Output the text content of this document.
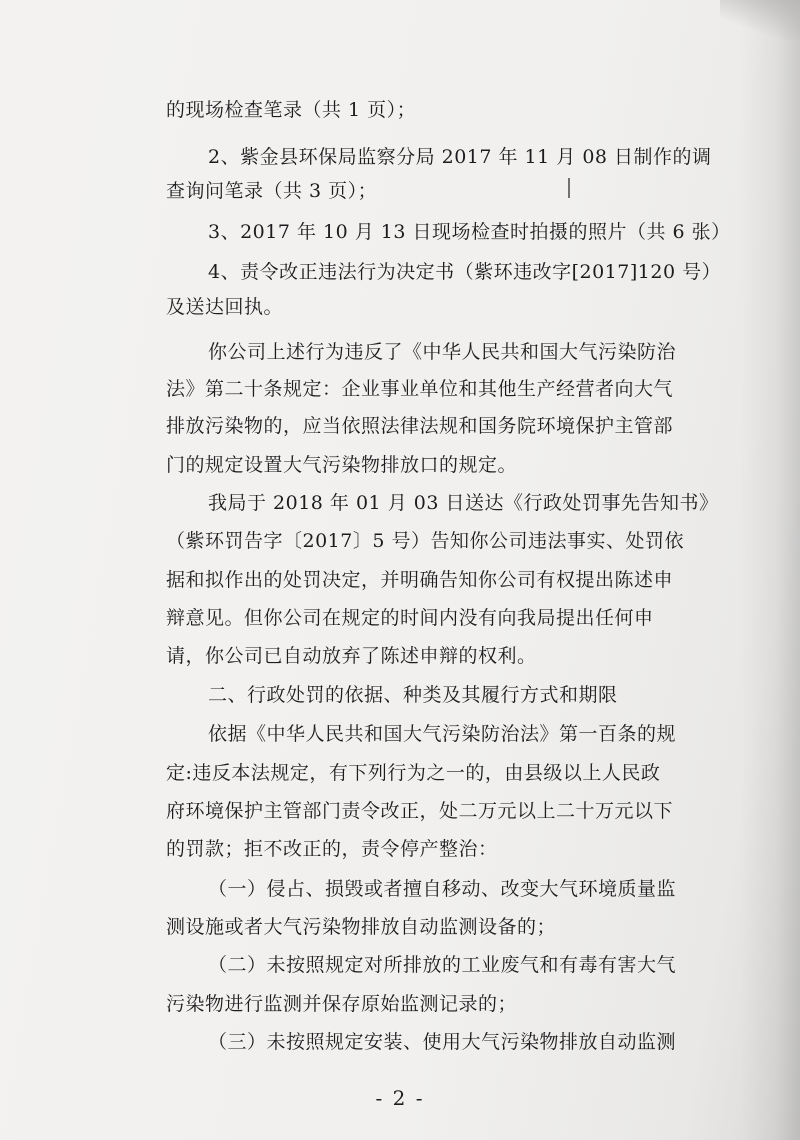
的现场检查笔录（共 1 页）；
2、紫金县环保局监察分局 2017 年 11 月 08 日制作的调
查询问笔录（共 3 页）；
3、2017 年 10 月 13 日现场检查时拍摄的照片（共 6 张）
4、责令改正违法行为决定书（紫环违改字[2017]120 号）
及送达回执。
你公司上述行为违反了《中华人民共和国大气污染防治
法》第二十条规定：企业事业单位和其他生产经营者向大气
排放污染物的，应当依照法律法规和国务院环境保护主管部
门的规定设置大气污染物排放口的规定。
我局于 2018 年 01 月 03 日送达《行政处罚事先告知书》
（紫环罚告字〔2017〕5 号）告知你公司违法事实、处罚依
据和拟作出的处罚决定，并明确告知你公司有权提出陈述申
辩意见。但你公司在规定的时间内没有向我局提出任何申
请，你公司已自动放弃了陈述申辩的权利。
二、行政处罚的依据、种类及其履行方式和期限
依据《中华人民共和国大气污染防治法》第一百条的规
定:违反本法规定，有下列行为之一的，由县级以上人民政
府环境保护主管部门责令改正，处二万元以上二十万元以下
的罚款；拒不改正的，责令停产整治：
（一）侵占、损毁或者擅自移动、改变大气环境质量监
测设施或者大气污染物排放自动监测设备的；
（二）未按照规定对所排放的工业废气和有毒有害大气
污染物进行监测并保存原始监测记录的；
（三）未按照规定安装、使用大气污染物排放自动监测
- 2 -
